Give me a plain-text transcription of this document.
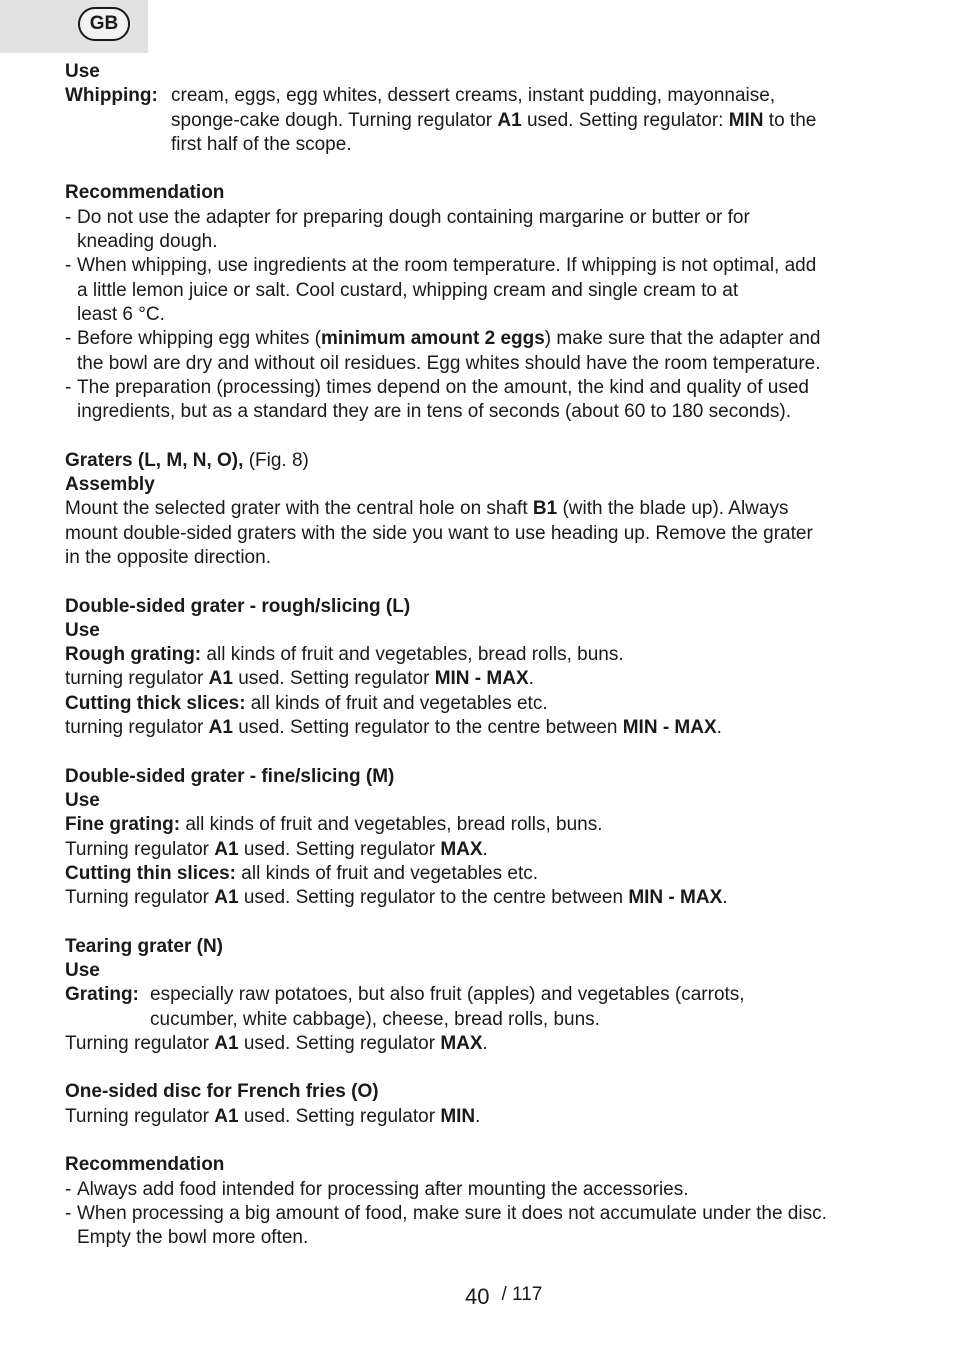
GB
Use
Whipping: cream, eggs, egg whites, dessert creams, instant pudding, mayonnaise,
sponge-cake dough. Turning regulator A1 used. Setting regulator: MIN to the
first half of the scope.
Recommendation
- Do not use the adapter for preparing dough containing margarine or butter or for
kneading dough.
- When whipping, use ingredients at the room temperature. If whipping is not optimal, add
a little lemon juice or salt. Cool custard, whipping cream and single cream to at
least 6 °C.
- Before whipping egg whites (minimum amount 2 eggs) make sure that the adapter and
the bowl are dry and without oil residues. Egg whites should have the room temperature.
- The preparation (processing) times depend on the amount, the kind and quality of used
ingredients, but as a standard they are in tens of seconds (about 60 to 180 seconds).
Graters (L, M, N, O), (Fig. 8)
Assembly
Mount the selected grater with the central hole on shaft B1 (with the blade up). Always
mount double-sided graters with the side you want to use heading up. Remove the grater
in the opposite direction.
Double-sided grater - rough/slicing (L)
Use
Rough grating: all kinds of fruit and vegetables, bread rolls, buns.
turning regulator A1 used. Setting regulator MIN - MAX.
Cutting thick slices: all kinds of fruit and vegetables etc.
turning regulator A1 used. Setting regulator to the centre between MIN - MAX.
Double-sided grater - fine/slicing (M)
Use
Fine grating: all kinds of fruit and vegetables, bread rolls, buns.
Turning regulator A1 used. Setting regulator MAX.
Cutting thin slices: all kinds of fruit and vegetables etc.
Turning regulator A1 used. Setting regulator to the centre between MIN - MAX.
Tearing grater (N)
Use
Grating: especially raw potatoes, but also fruit (apples) and vegetables (carrots,
cucumber, white cabbage), cheese, bread rolls, buns.
Turning regulator A1 used. Setting regulator MAX.
One-sided disc for French fries (O)
Turning regulator A1 used. Setting regulator MIN.
Recommendation
- Always add food intended for processing after mounting the accessories.
- When processing a big amount of food, make sure it does not accumulate under the disc.
Empty the bowl more often.
40 / 117
